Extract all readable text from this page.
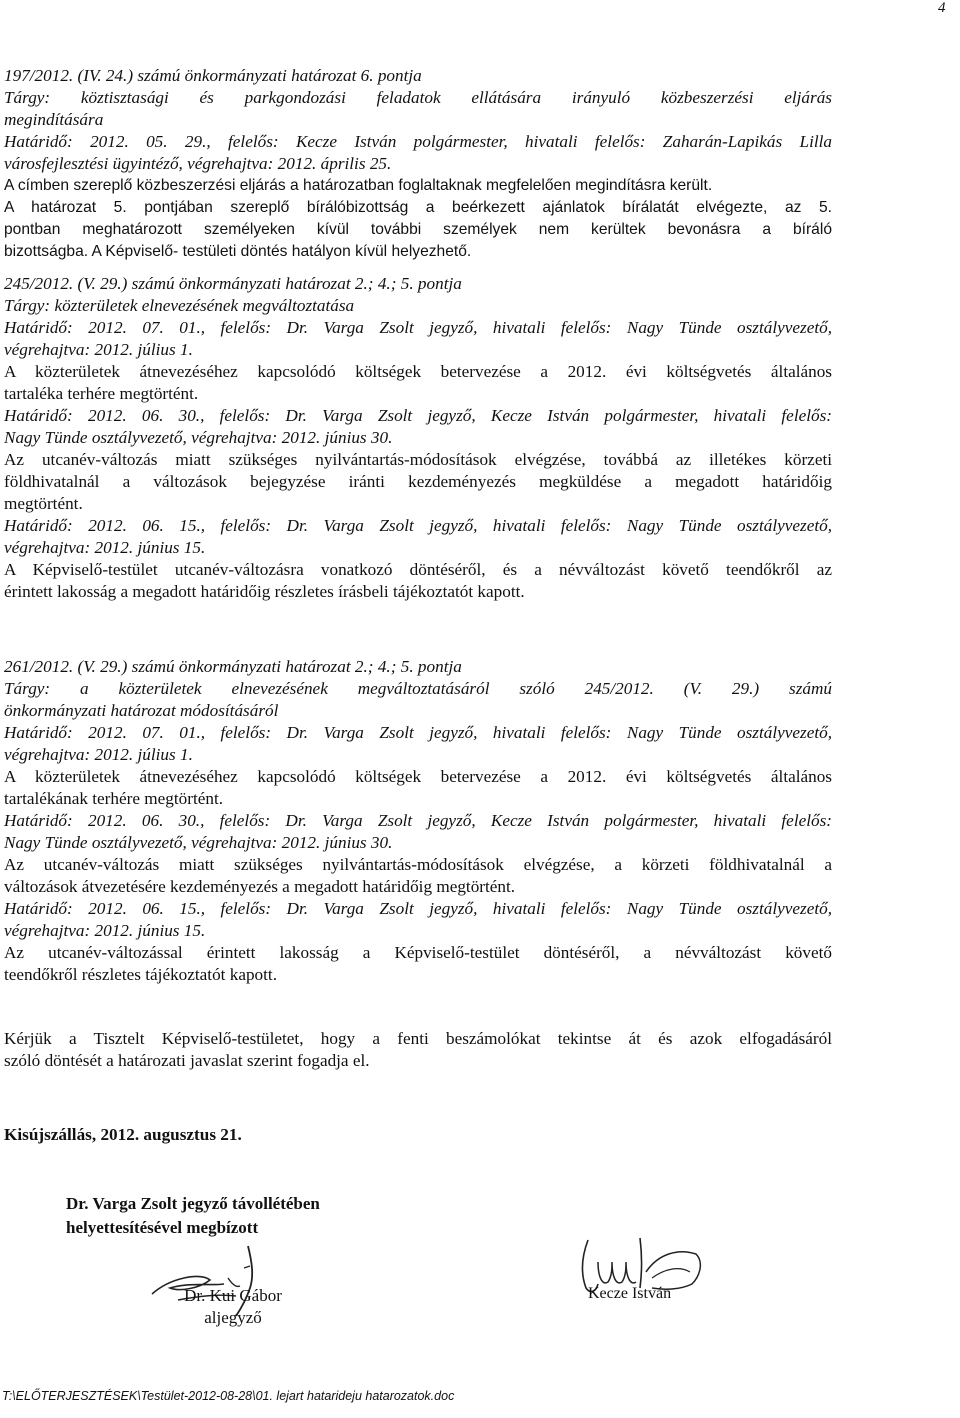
4
197/2012. (IV. 24.) számú önkormányzati határozat 6. pontja
Tárgy: köztisztasági és parkgondozási feladatok ellátására irányuló közbeszerzési eljárás
megindítására
Határidő: 2012. 05. 29., felelős: Kecze István polgármester, hivatali felelős: Zaharán-Lapikás Lilla
városfejlesztési ügyintéző, végrehajtva: 2012. április 25.
A címben szereplő közbeszerzési eljárás a határozatban foglaltaknak megfelelően megindításra került.
A határozat 5. pontjában szereplő bírálóbizottság a beérkezett ajánlatok bírálatát elvégezte, az 5.
pontban meghatározott személyeken kívül további személyek nem kerültek bevonásra a bíráló
bizottságba. A Képviselő- testületi döntés hatályon kívül helyezhető.
245/2012. (V. 29.) számú önkormányzati határozat 2.; 4.; 5. pontja
Tárgy: közterületek elnevezésének megváltoztatása
Határidő: 2012. 07. 01., felelős: Dr. Varga Zsolt jegyző, hivatali felelős: Nagy Tünde osztályvezető,
végrehajtva: 2012. július 1.
A közterületek átnevezéséhez kapcsolódó költségek betervezése a 2012. évi költségvetés általános
tartaléka terhére megtörtént.
Határidő: 2012. 06. 30., felelős: Dr. Varga Zsolt jegyző, Kecze István polgármester, hivatali felelős:
Nagy Tünde osztályvezető, végrehajtva: 2012. június 30.
Az utcanév-változás miatt szükséges nyilvántartás-módosítások elvégzése, továbbá az illetékes körzeti
földhivatalnál a változások bejegyzése iránti kezdeményezés megküldése a megadott határidőig
megtörtént.
Határidő: 2012. 06. 15., felelős: Dr. Varga Zsolt jegyző, hivatali felelős: Nagy Tünde osztályvezető,
végrehajtva: 2012. június 15.
A Képviselő-testület utcanév-változásra vonatkozó döntéséről, és a névváltozást követő teendőkről az
érintett lakosság a megadott határidőig részletes írásbeli tájékoztatót kapott.
261/2012. (V. 29.) számú önkormányzati határozat 2.; 4.; 5. pontja
Tárgy: a közterületek elnevezésének megváltoztatásáról szóló 245/2012. (V. 29.) számú
önkormányzati határozat módosításáról
Határidő: 2012. 07. 01., felelős: Dr. Varga Zsolt jegyző, hivatali felelős: Nagy Tünde osztályvezető,
végrehajtva: 2012. július 1.
A közterületek átnevezéséhez kapcsolódó költségek betervezése a 2012. évi költségvetés általános
tartalékának terhére megtörtént.
Határidő: 2012. 06. 30., felelős: Dr. Varga Zsolt jegyző, Kecze István polgármester, hivatali felelős:
Nagy Tünde osztályvezető, végrehajtva: 2012. június 30.
Az utcanév-változás miatt szükséges nyilvántartás-módosítások elvégzése, a körzeti földhivatalnál a
változások átvezetésére kezdeményezés a megadott határidőig megtörtént.
Határidő: 2012. 06. 15., felelős: Dr. Varga Zsolt jegyző, hivatali felelős: Nagy Tünde osztályvezető,
végrehajtva: 2012. június 15.
Az utcanév-változással érintett lakosság a Képviselő-testület döntéséről, a névváltozást követő
teendőkről részletes tájékoztatót kapott.
Kérjük a Tisztelt Képviselő-testületet, hogy a fenti beszámolókat tekintse át és azok elfogadásáról
szóló döntését a határozati javaslat szerint fogadja el.
Kisújszállás, 2012. augusztus 21.
Dr. Varga Zsolt jegyző távollétében
helyettesítésével megbízott
Dr. Kui Gábor
aljegyző
Kecze István
T:\ELŐTERJESZTÉSEK\Testület-2012-08-28\01. lejart hatarideju hatarozatok.doc
